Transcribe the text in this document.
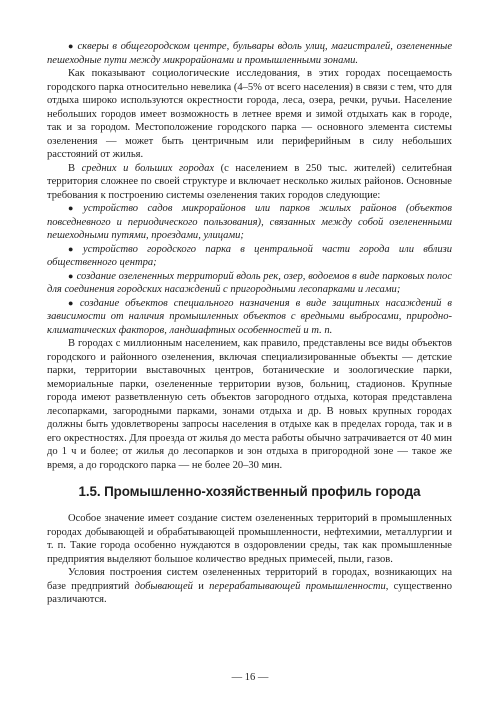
● скверы в общегородском центре, бульвары вдоль улиц, магистралей, озелененные пешеходные пути между микрорайонами и промышленными зонами.

Как показывают социологические исследования, в этих городах посещаемость городского парка относительно невелика (4–5% от всего населения) в связи с тем, что для отдыха широко используются окрестности города, леса, озера, речки, ручьи. Население небольших городов имеет возможность в летнее время и зимой отдыхать как в городе, так и за городом. Местоположение городского парка — основного элемента системы озеленения — может быть центричным или периферийным в силу небольших расстояний от жилья.

В средних и больших городах (с населением в 250 тыс. жителей) селитебная территория сложнее по своей структуре и включает несколько жилых районов. Основные требования к построению системы озеленения таких городов следующие:

● устройство садов микрорайонов или парков жилых районов (объектов повседневного и периодического пользования), связанных между собой озелененными пешеходными путями, проездами, улицами;

● устройство городского парка в центральной части города или вблизи общественного центра;

● создание озелененных территорий вдоль рек, озер, водоемов в виде парковых полос для соединения городских насаждений с пригородными лесопарками и лесами;

● создание объектов специального назначения в виде защитных насаждений в зависимости от наличия промышленных объектов с вредными выбросами, природно-климатических факторов, ландшафтных особенностей и т. п.

В городах с миллионным населением, как правило, представлены все виды объектов городского и районного озеленения, включая специализированные объекты — детские парки, территории выставочных центров, ботанические и зоологические парки, мемориальные парки, озелененные территории вузов, больниц, стадионов. Крупные города имеют разветвленную сеть объектов загородного отдыха, которая представлена лесопарками, загородными парками, зонами отдыха и др. В новых крупных городах должны быть удовлетворены запросы населения в отдыхе как в пределах города, так и в его окрестностях. Для проезда от жилья до места работы обычно затрачивается от 40 мин до 1 ч и более; от жилья до лесопарков и зон отдыха в пригородной зоне — такое же время, а до городского парка — не более 20–30 мин.

1.5. Промышленно-хозяйственный профиль города

Особое значение имеет создание систем озелененных территорий в промышленных городах добывающей и обрабатывающей промышленности, нефтехимии, металлургии и т. п. Такие города особенно нуждаются в оздоровлении среды, так как промышленные предприятия выделяют большое количество вредных примесей, пыли, газов.

Условия построения систем озелененных территорий в городах, возникающих на базе предприятий добывающей и перерабатывающей промышленности, существенно различаются.

— 16 —
